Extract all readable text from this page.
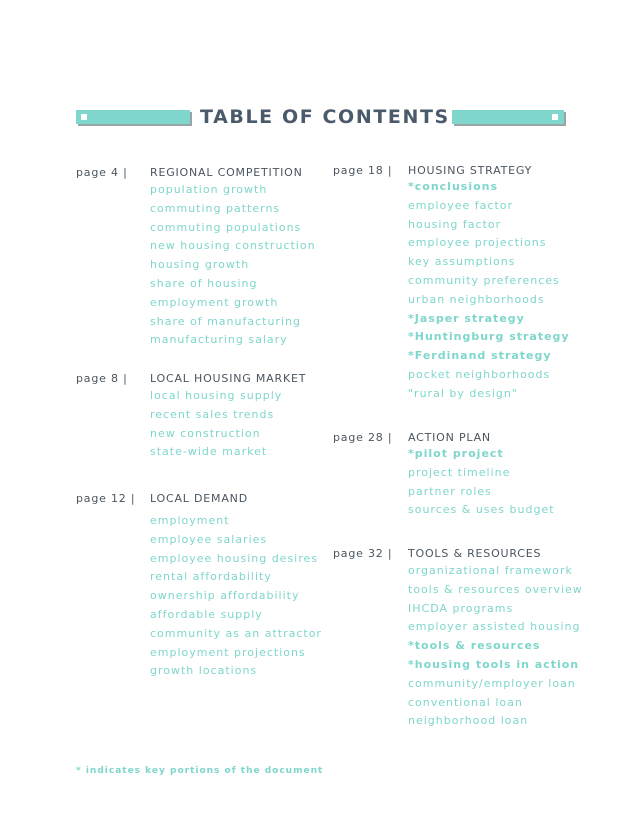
TABLE OF CONTENTS
page 4 | REGIONAL COMPETITION
population growth
commuting patterns
commuting populations
new housing construction
housing growth
share of housing
employment growth
share of manufacturing
manufacturing salary
page 8 | LOCAL HOUSING MARKET
local housing supply
recent sales trends
new construction
state-wide market
page 12 | LOCAL DEMAND
employment
employee salaries
employee housing desires
rental affordability
ownership affordability
affordable supply
community as an attractor
employment projections
growth locations
page 18 | HOUSING STRATEGY
*conclusions
employee factor
housing factor
employee projections
key assumptions
community preferences
urban neighborhoods
*Jasper strategy
*Huntingburg strategy
*Ferdinand strategy
pocket neighborhoods
"rural by design"
page 28 | ACTION PLAN
*pilot project
project timeline
partner roles
sources & uses budget
page 32 | TOOLS & RESOURCES
organizational framework
tools & resources overview
IHCDA programs
employer assisted housing
*tools & resources
*housing tools in action
community/employer loan
conventional loan
neighborhood loan
* indicates key portions of the document
